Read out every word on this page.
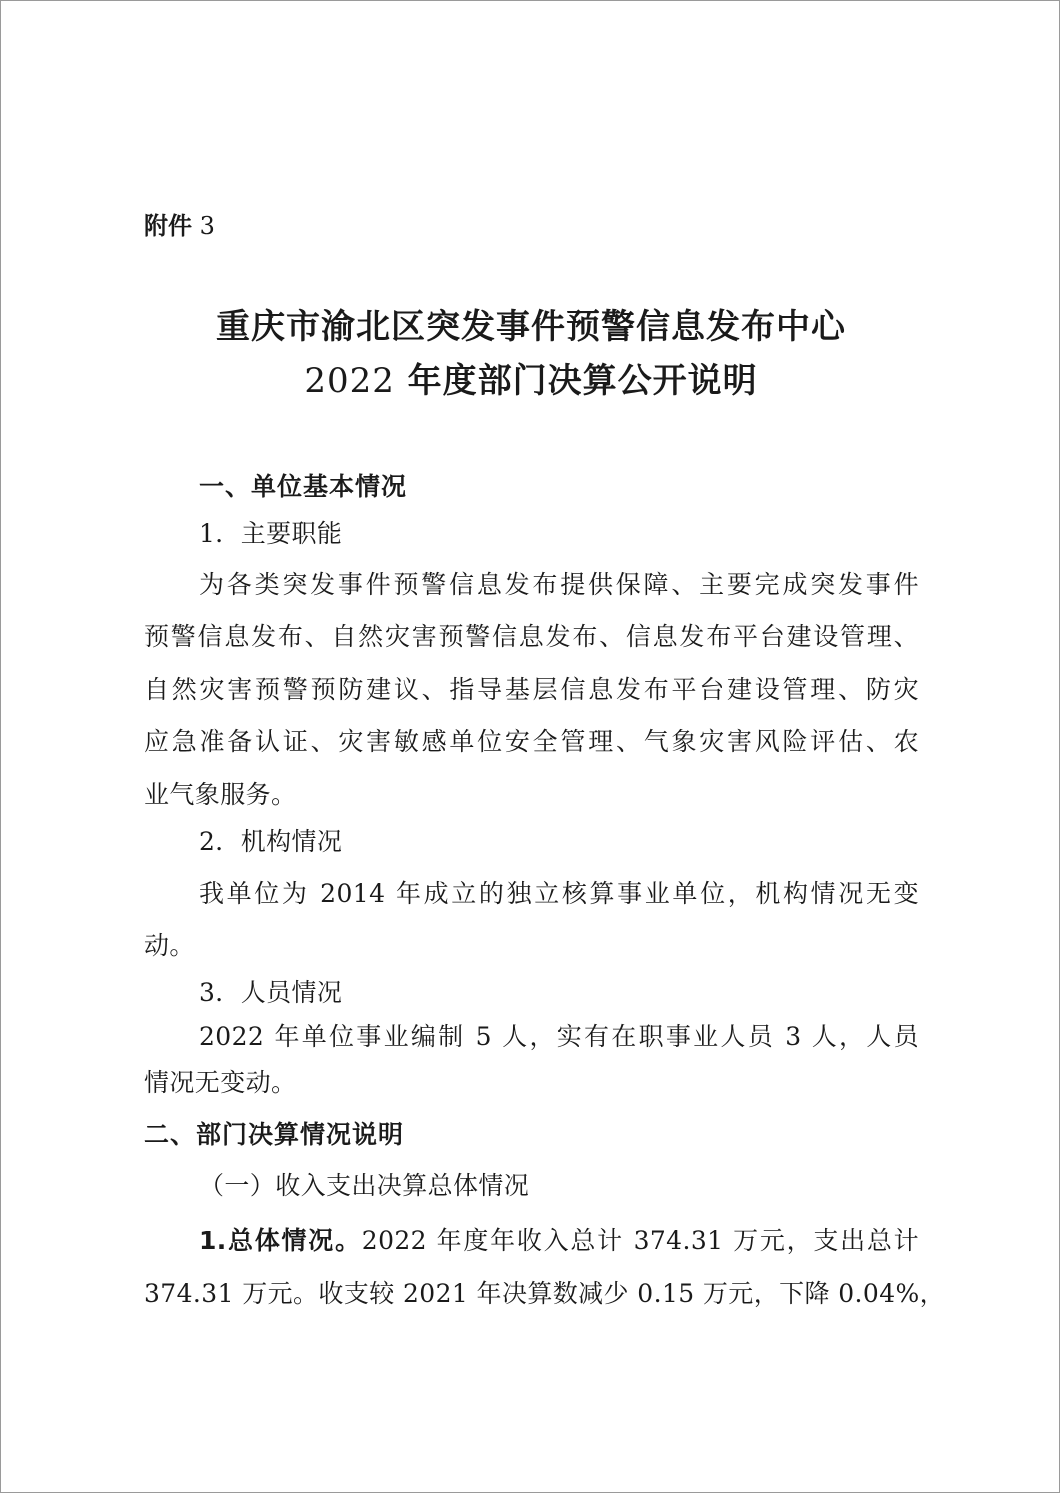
附件 3
重庆市渝北区突发事件预警信息发布中心
2022 年度部门决算公开说明
一、单位基本情况
1．主要职能
为各类突发事件预警信息发布提供保障、主要完成突发事件
预警信息发布、自然灾害预警信息发布、信息发布平台建设管理、
自然灾害预警预防建议、指导基层信息发布平台建设管理、防灾
应急准备认证、灾害敏感单位安全管理、气象灾害风险评估、农
业气象服务。
2．机构情况
我单位为 2014 年成立的独立核算事业单位，机构情况无变
动。
3．人员情况
2022 年单位事业编制 5 人，实有在职事业人员 3 人，人员
情况无变动。
二、部门决算情况说明
（一）收入支出决算总体情况
1.总体情况。2022 年度年收入总计 374.31 万元，支出总计
374.31 万元。收支较 2021 年决算数减少 0.15 万元，下降 0.04%，
